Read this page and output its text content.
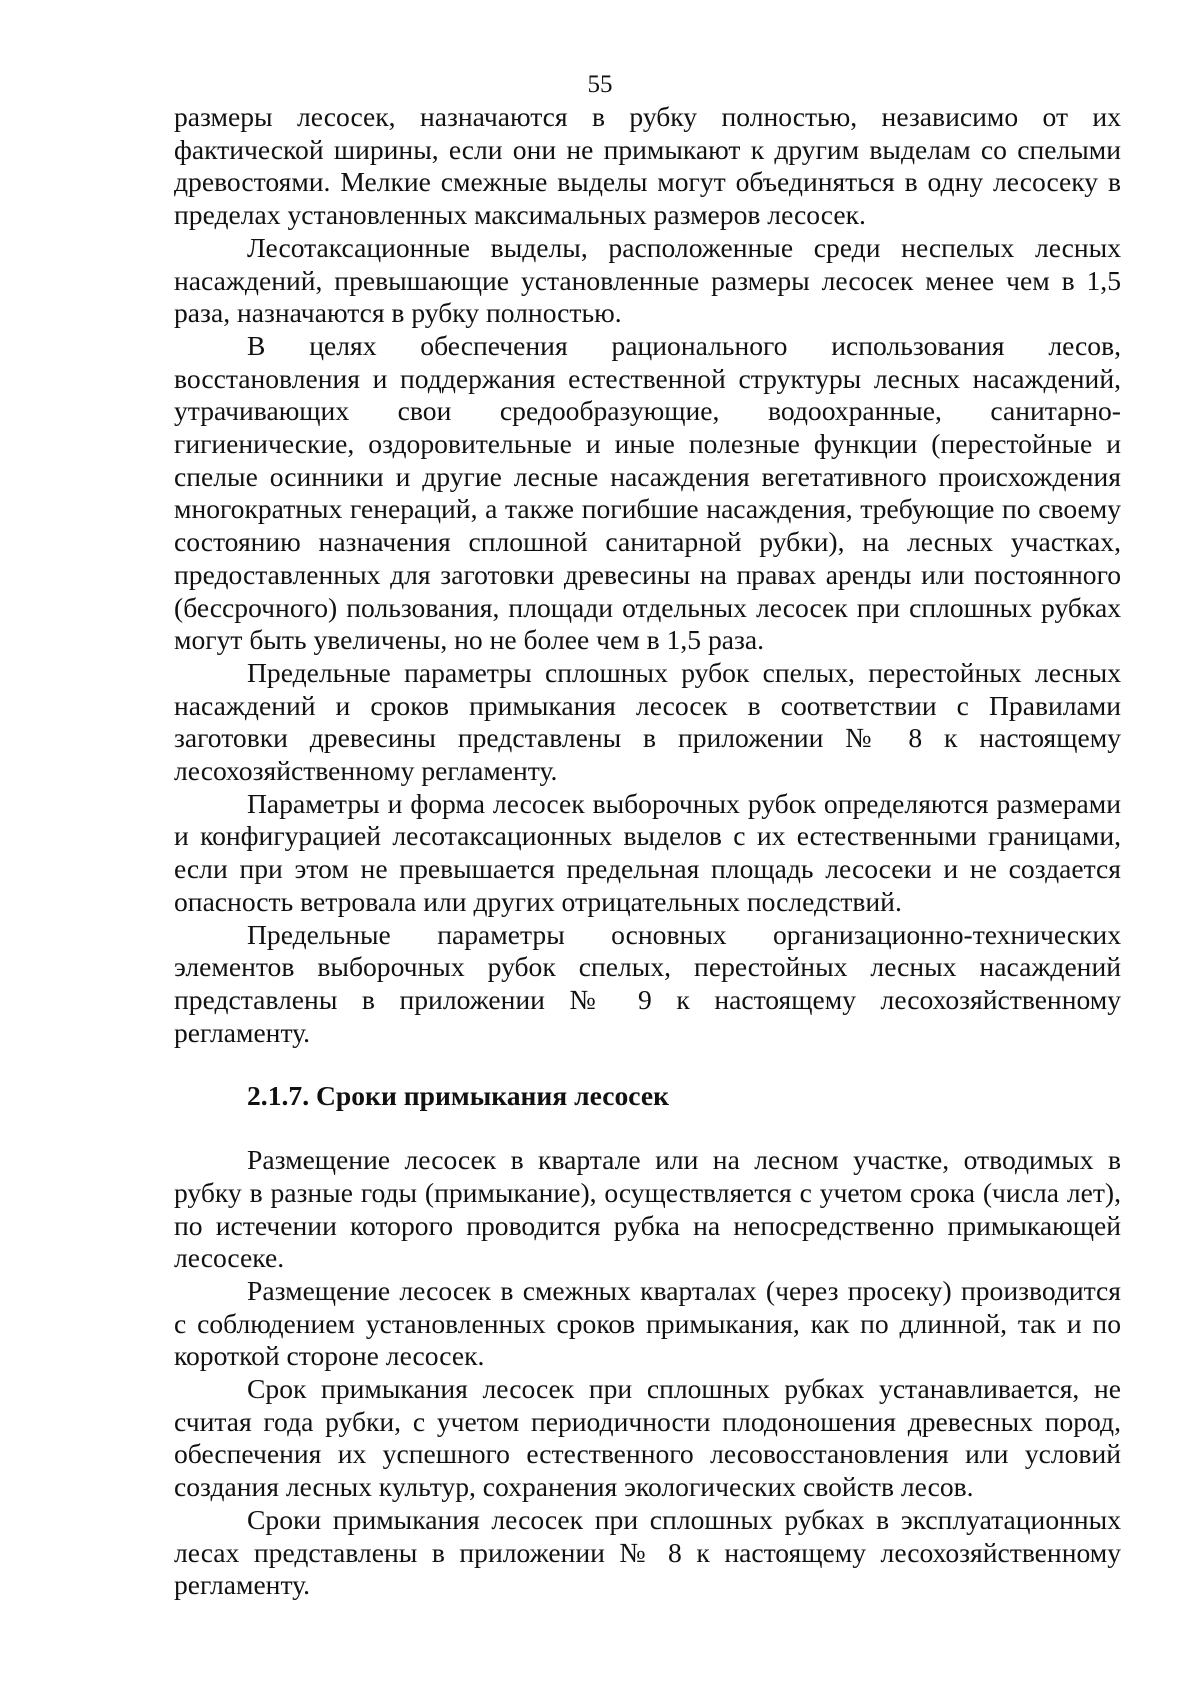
55

размеры лесосек, назначаются в рубку полностью, независимо от их фактической ширины, если они не примыкают к другим выделам со спелыми древостоями. Мелкие смежные выделы могут объединяться в одну лесосеку в пределах установленных максимальных размеров лесосек.

Лесотаксационные выделы, расположенные среди неспелых лесных насаждений, превышающие установленные размеры лесосек менее чем в 1,5 раза, назначаются в рубку полностью.

В целях обеспечения рационального использования лесов, восстановления и поддержания естественной структуры лесных насаждений, утрачивающих свои средообразующие, водоохранные, санитарно-гигиенические, оздоровительные и иные полезные функции (перестойные и спелые осинники и другие лесные насаждения вегетативного происхождения многократных генераций, а также погибшие насаждения, требующие по своему состоянию назначения сплошной санитарной рубки), на лесных участках, предоставленных для заготовки древесины на правах аренды или постоянного (бессрочного) пользования, площади отдельных лесосек при сплошных рубках могут быть увеличены, но не более чем в 1,5 раза.

Предельные параметры сплошных рубок спелых, перестойных лесных насаждений и сроков примыкания лесосек в соответствии с Правилами заготовки древесины представлены в приложении № 8 к настоящему лесохозяйственному регламенту.

Параметры и форма лесосек выборочных рубок определяются размерами и конфигурацией лесотаксационных выделов с их естественными границами, если при этом не превышается предельная площадь лесосеки и не создается опасность ветровала или других отрицательных последствий.

Предельные параметры основных организационно-технических элементов выборочных рубок спелых, перестойных лесных насаждений представлены в приложении № 9 к настоящему лесохозяйственному регламенту.

2.1.7. Сроки примыкания лесосек

Размещение лесосек в квартале или на лесном участке, отводимых в рубку в разные годы (примыкание), осуществляется с учетом срока (числа лет), по истечении которого проводится рубка на непосредственно примыкающей лесосеке.

Размещение лесосек в смежных кварталах (через просеку) производится с соблюдением установленных сроков примыкания, как по длинной, так и по короткой стороне лесосек.

Срок примыкания лесосек при сплошных рубках устанавливается, не считая года рубки, с учетом периодичности плодоношения древесных пород, обеспечения их успешного естественного лесовосстановления или условий создания лесных культур, сохранения экологических свойств лесов.

Сроки примыкания лесосек при сплошных рубках в эксплуатационных лесах представлены в приложении № 8 к настоящему лесохозяйственному регламенту.
